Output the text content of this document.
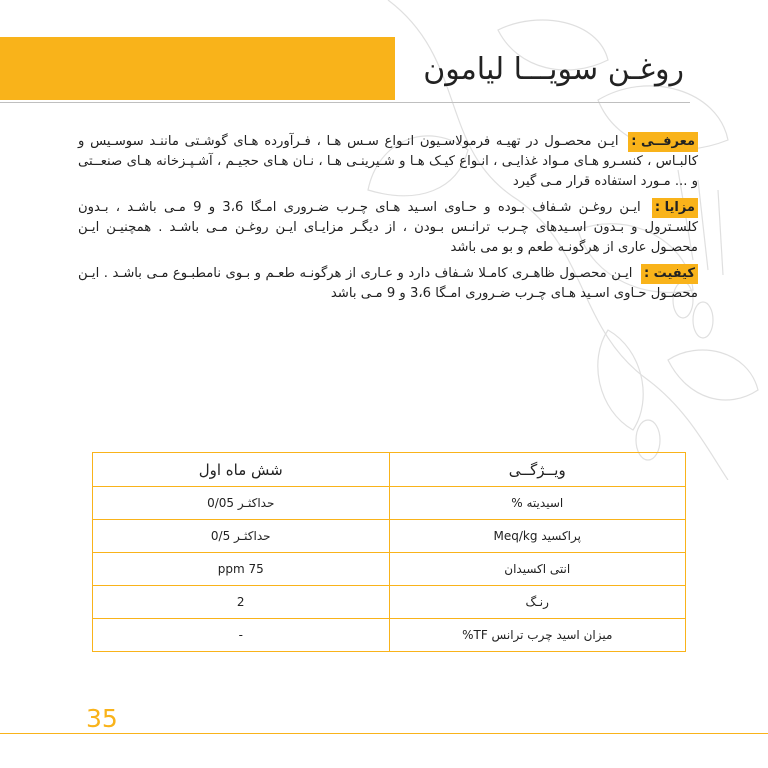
روغـن سویـــا لیامون

معرفــی : ایـن محصـول در تهیـه فرمولاسـیون انـواع سـس هـا ، فـرآورده هـای گوشـتی ماننـد سوسـیس و کالبـاس ، کنسـرو هـای مـواد غذایـی ، انـواع کیـک هـا و شـیرینـی هـا ، نـان هـای حجیـم ، آشـپـزخانه هـای صنعــتی و ... مـورد استفاده قرار مـی گیرد

مزایا : ایـن روغـن شـفاف بـوده و حـاوی اسـید هـای چـرب ضـروری امـگا 3،6 و 9 مـی باشـد ، بـدون کلسـترول و بـدون اسـیدهای چـرب ترانـس بـودن ، از دیگـر مزایـای ایـن روغـن مـی باشـد . همچنیـن ایـن محصـول عاری از هرگونـه طعم و بو می باشد

کیفیت : ایـن محصـول ظاهـری کامـلا شـفاف دارد و عـاری از هرگونـه طعـم و بـوی نامطبـوع مـی باشـد . ایـن محصـول حـاوی اسـید هـای چـرب ضـروری امـگا 3،6 و 9 مـی باشد

ویــژگــی	شش ماه اول
اسیدیته %	حداکثـر 0/05
پراکسید Meq/kg	حداکثـر 0/5
انتی اکسیدان	ppm 75
رنـگ	2
میزان اسید چرب ترانس TF%	-
35
